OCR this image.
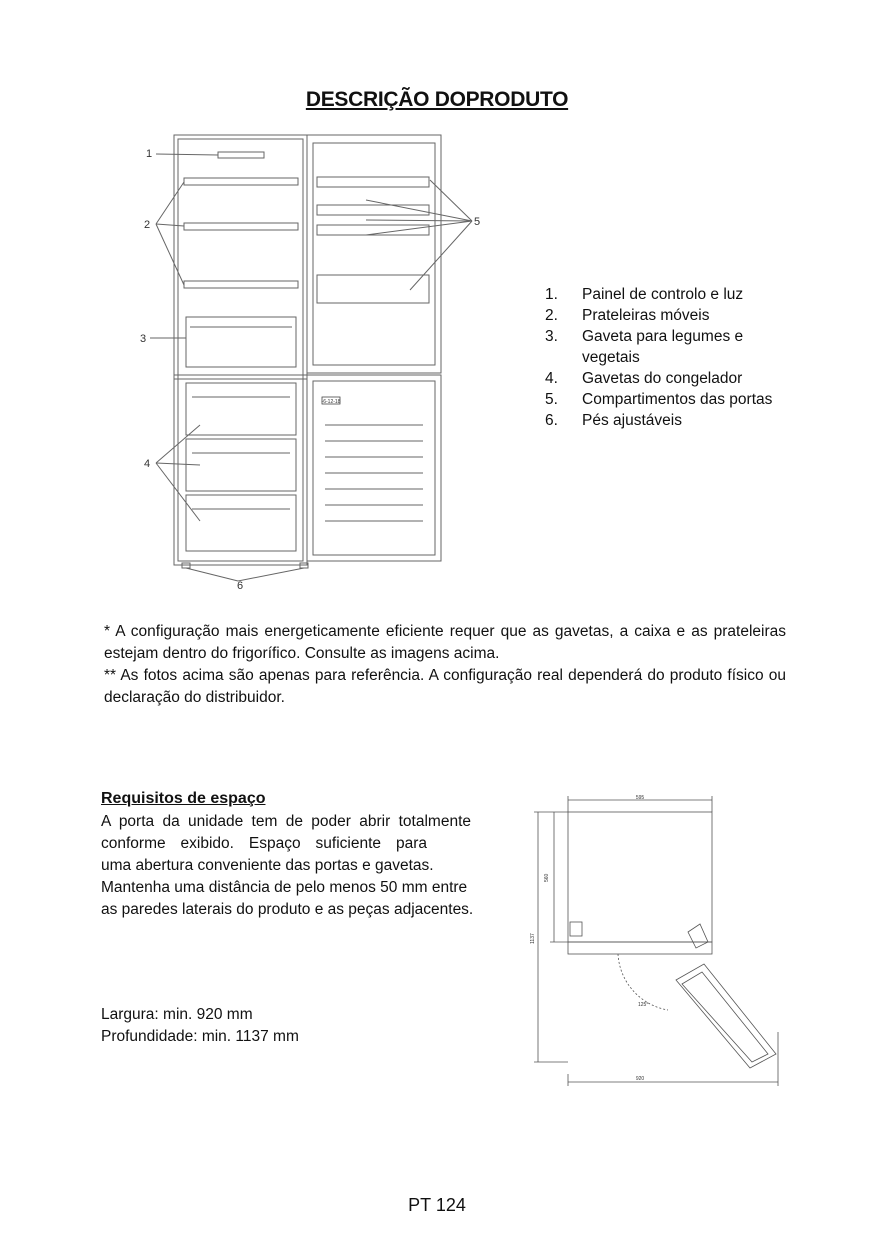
DESCRIÇÃO DOPRODUTO
-6-12-18
1
2
3
4
5
6
1.	Painel de controlo e luz
2.	Prateleiras móveis
3.	Gaveta para legumes e vegetais
4.	Gavetas do congelador
5.	Compartimentos das portas
6.	Pés ajustáveis

* A configuração mais energeticamente eficiente requer que as gavetas, a caixa e as prateleiras estejam dentro do frigorífico. Consulte as imagens acima.

** As fotos acima são apenas para referência. A configuração real dependerá do produto físico ou declaração do distribuidor.

Requisitos de espaço

A porta da unidade tem de poder abrir totalmente

conforme exibido. Espaço suficiente para

uma abertura conveniente das portas e gavetas.

Mantenha uma distância de pelo menos 50 mm entre as paredes laterais do produto e as peças adjacentes.

Largura: min. 920 mm

Profundidade: min. 1137 mm

595
560
1137
920
125°
PT 124
